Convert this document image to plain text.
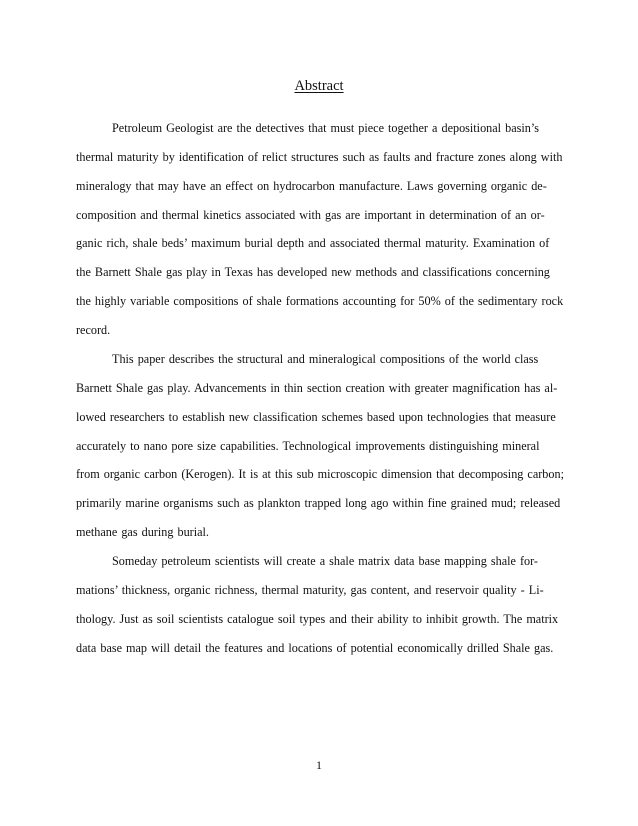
Abstract
Petroleum Geologist are the detectives that must piece together a depositional basin’s
thermal maturity by identification of relict structures such as faults and fracture zones along with
mineralogy that may have an effect on hydrocarbon manufacture. Laws governing organic de-
composition and thermal kinetics associated with gas are important in determination of an or-
ganic rich, shale beds’ maximum burial depth and associated thermal maturity. Examination of
the Barnett Shale gas play in Texas has developed new methods and classifications concerning
the highly variable compositions of shale formations accounting for 50% of the sedimentary rock
record.
This paper describes the structural and mineralogical compositions of the world class
Barnett Shale gas play. Advancements in thin section creation with greater magnification has al-
lowed researchers to establish new classification schemes based upon technologies that measure
accurately to nano pore size capabilities. Technological improvements distinguishing mineral
from organic carbon (Kerogen). It is at this sub microscopic dimension that decomposing carbon;
primarily marine organisms such as plankton trapped long ago within fine grained mud; released
methane gas during burial.
Someday petroleum scientists will create a shale matrix data base mapping shale for-
mations’ thickness, organic richness, thermal maturity, gas content, and reservoir quality - Li-
thology. Just as soil scientists catalogue soil types and their ability to inhibit growth. The matrix
data base map will detail the features and locations of potential economically drilled Shale gas.
1
